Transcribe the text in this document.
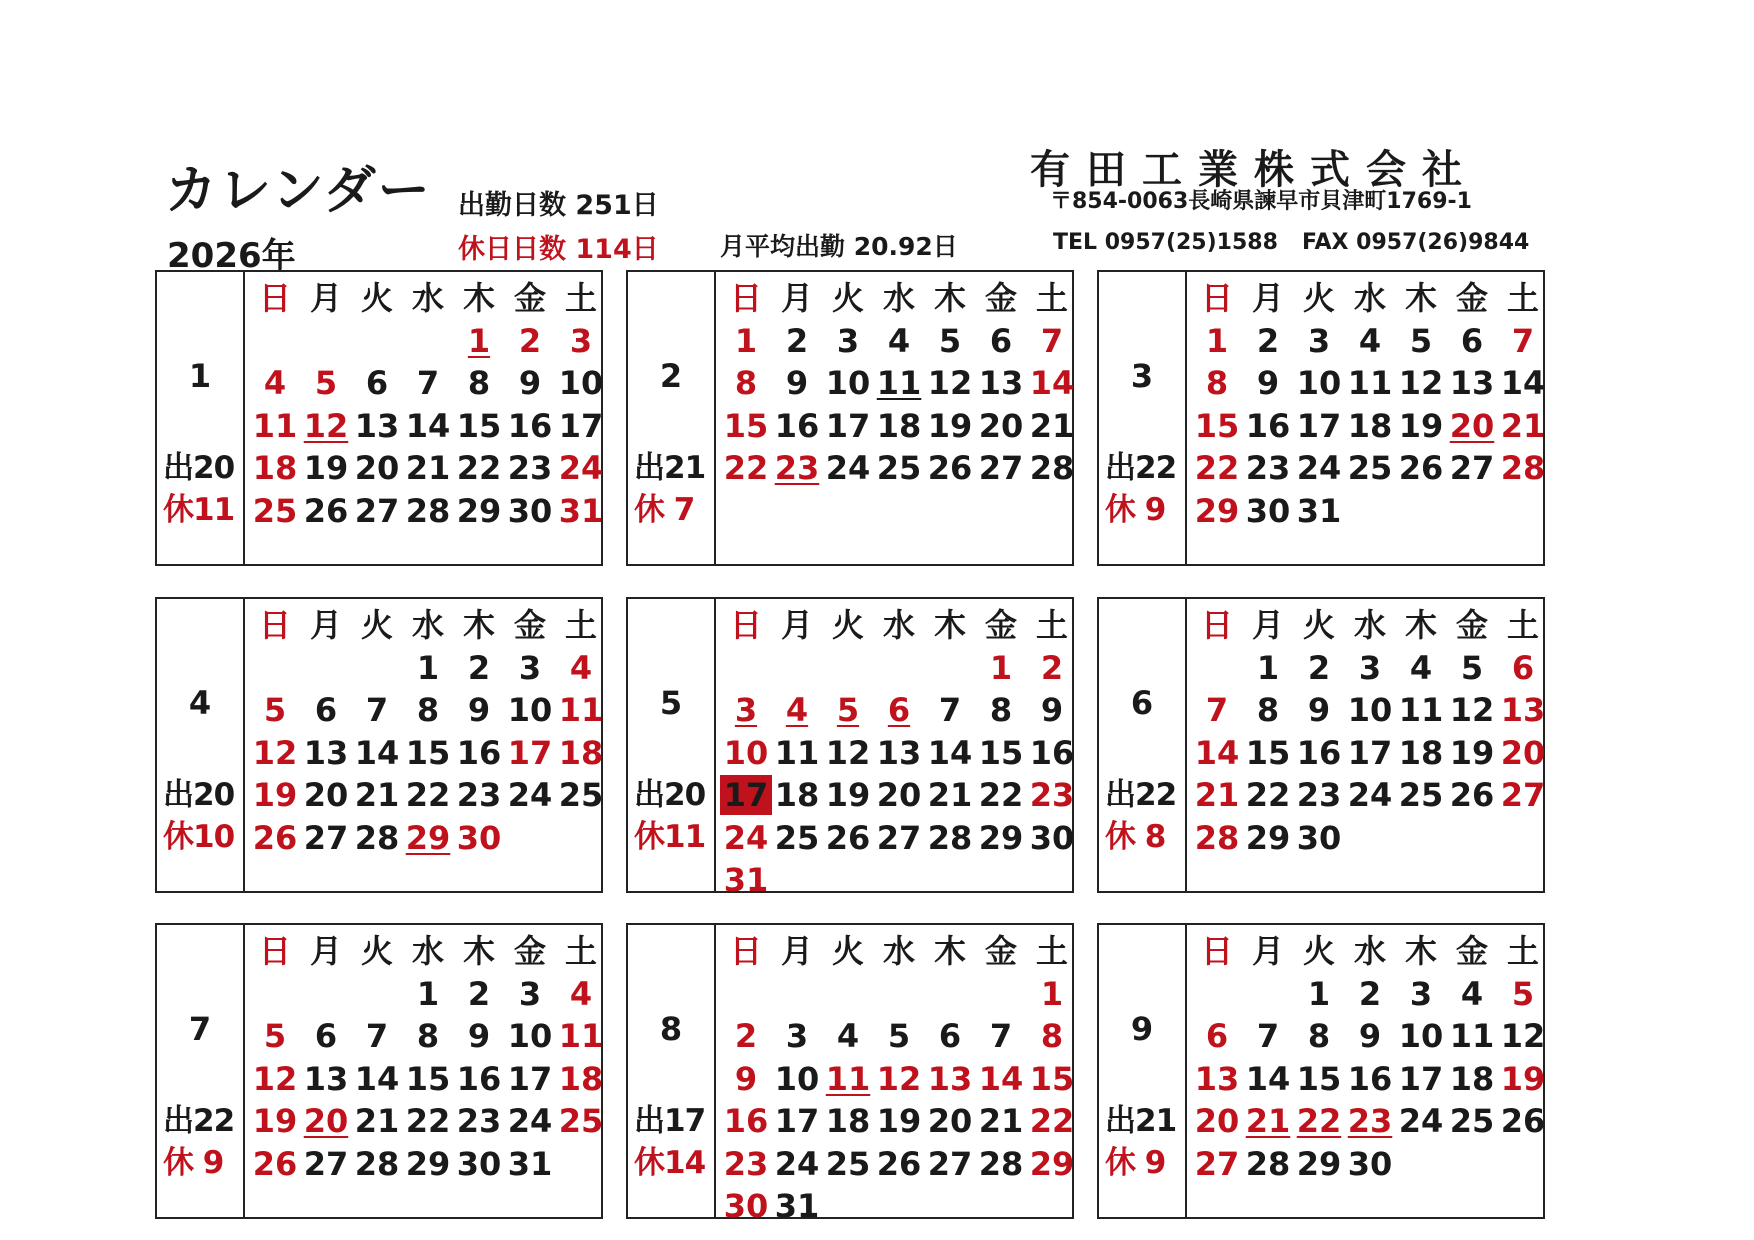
カレンダー
2026年
出勤日数 251日
休日日数 114日 月平均出勤 20.92日
有田工業株式会社
〒854-0063長崎県諫早市貝津町1769-1
TEL 0957(25)1588 FAX 0957(26)9844
1
出20
休11
日 月 火 水 木 金 土
1 2 3
4 5 6 7 8 9 10
11 12 13 14 15 16 17
18 19 20 21 22 23 24
25 26 27 28 29 30 31
2
出21
休 7
日 月 火 水 木 金 土
1 2 3 4 5 6 7
8 9 10 11 12 13 14
15 16 17 18 19 20 21
22 23 24 25 26 27 28
3
出22
休 9
日 月 火 水 木 金 土
1 2 3 4 5 6 7
8 9 10 11 12 13 14
15 16 17 18 19 20 21
22 23 24 25 26 27 28
29 30 31
4
出20
休10
日 月 火 水 木 金 土
1 2 3 4
5 6 7 8 9 10 11
12 13 14 15 16 17 18
19 20 21 22 23 24 25
26 27 28 29 30
5
出20
休11
日 月 火 水 木 金 土
1 2
3 4 5 6 7 8 9
10 11 12 13 14 15 16
17 18 19 20 21 22 23
24 25 26 27 28 29 30
31
6
出22
休 8
日 月 火 水 木 金 土
1 2 3 4 5 6
7 8 9 10 11 12 13
14 15 16 17 18 19 20
21 22 23 24 25 26 27
28 29 30
7
出22
休 9
日 月 火 水 木 金 土
1 2 3 4
5 6 7 8 9 10 11
12 13 14 15 16 17 18
19 20 21 22 23 24 25
26 27 28 29 30 31
8
出17
休14
日 月 火 水 木 金 土
1
2 3 4 5 6 7 8
9 10 11 12 13 14 15
16 17 18 19 20 21 22
23 24 25 26 27 28 29
30 31
9
出21
休 9
日 月 火 水 木 金 土
1 2 3 4 5
6 7 8 9 10 11 12
13 14 15 16 17 18 19
20 21 22 23 24 25 26
27 28 29 30
